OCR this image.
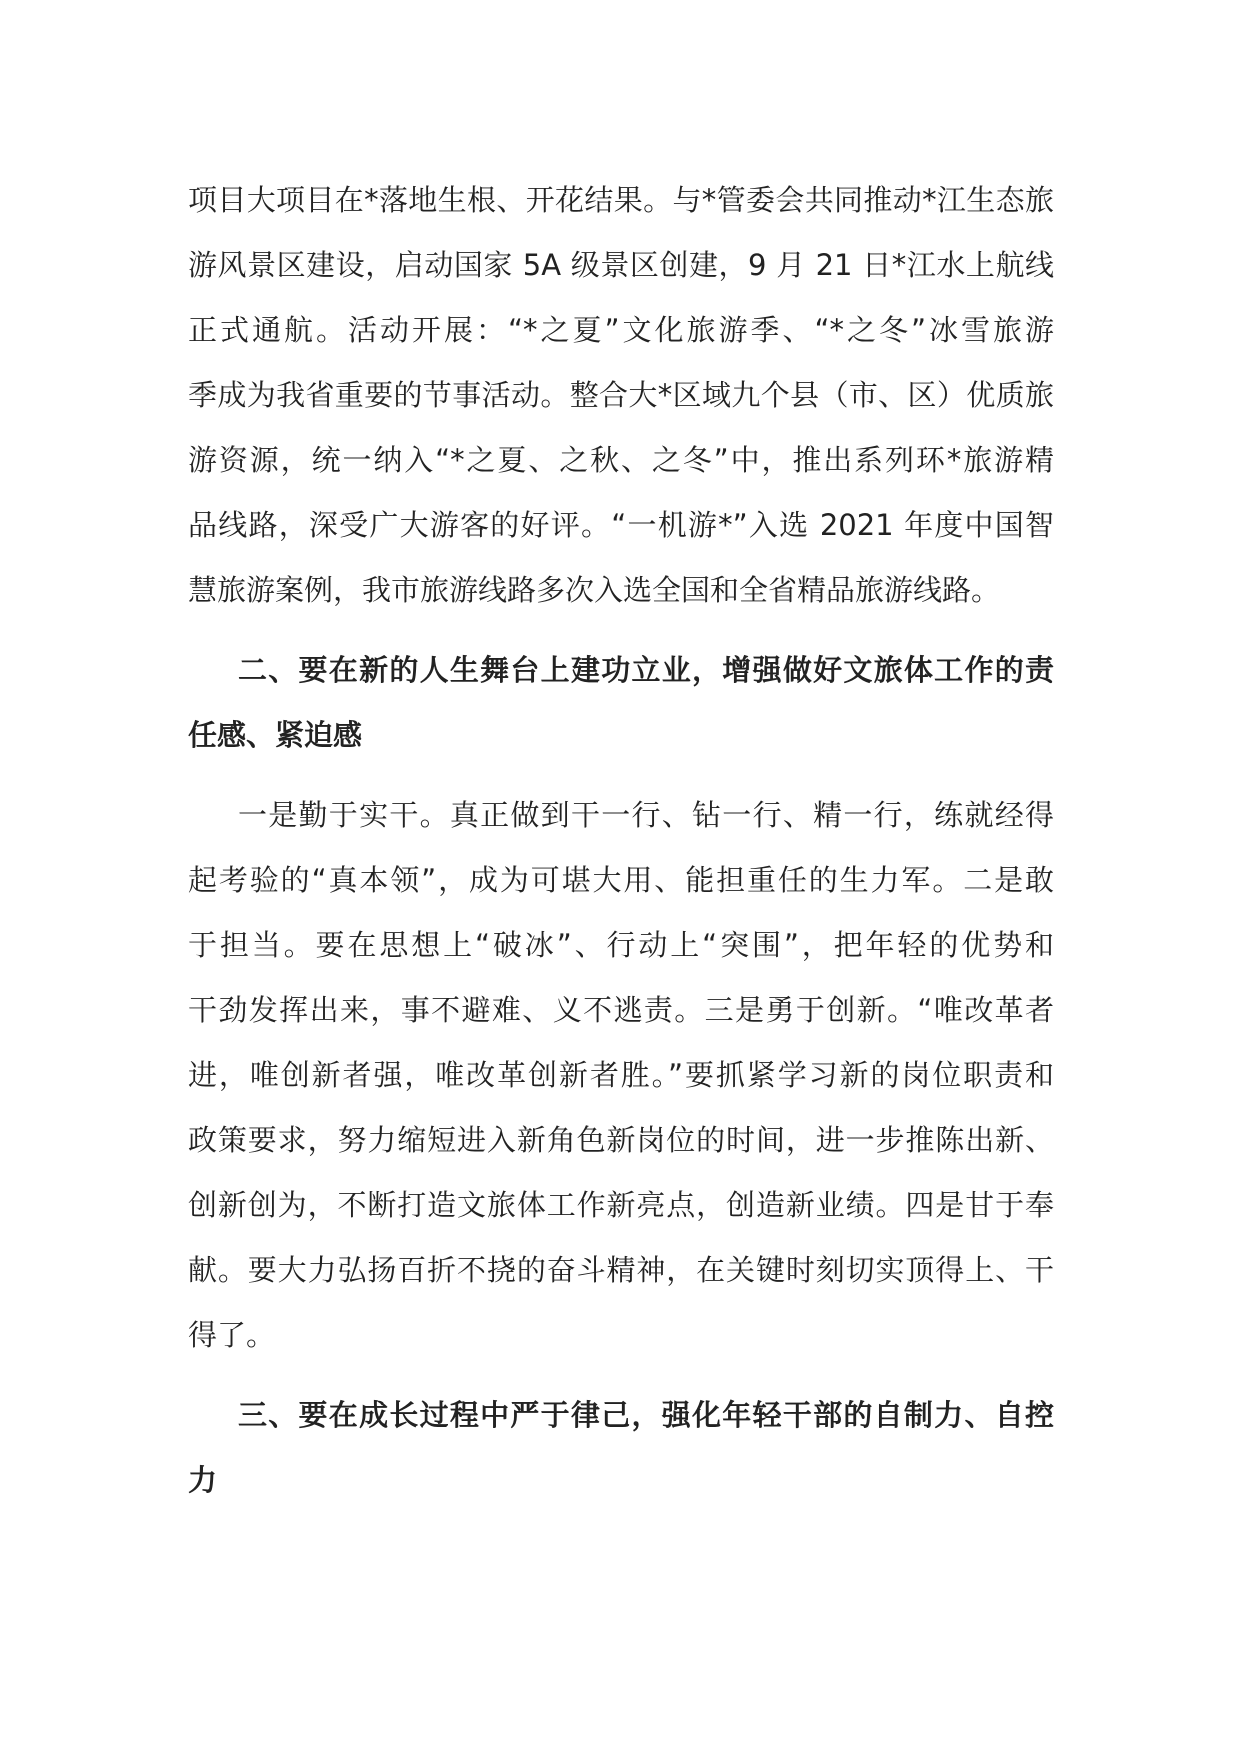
项目大项目在*落地生根、开花结果。与*管委会共同推动*江生态旅
游风景区建设，启动国家 5A 级景区创建，9 月 21 日*江水上航线
正式通航。活动开展：“*之夏”文化旅游季、“*之冬”冰雪旅游
季成为我省重要的节事活动。整合大*区域九个县（市、区）优质旅
游资源，统一纳入“*之夏、之秋、之冬”中，推出系列环*旅游精
品线路，深受广大游客的好评。“一机游*”入选 2021 年度中国智
慧旅游案例，我市旅游线路多次入选全国和全省精品旅游线路。
二、要在新的人生舞台上建功立业，增强做好文旅体工作的责
任感、紧迫感
一是勤于实干。真正做到干一行、钻一行、精一行，练就经得
起考验的“真本领”，成为可堪大用、能担重任的生力军。二是敢
于担当。要在思想上“破冰”、行动上“突围”，把年轻的优势和
干劲发挥出来，事不避难、义不逃责。三是勇于创新。“唯改革者
进，唯创新者强，唯改革创新者胜。”要抓紧学习新的岗位职责和
政策要求，努力缩短进入新角色新岗位的时间，进一步推陈出新、
创新创为，不断打造文旅体工作新亮点，创造新业绩。四是甘于奉
献。要大力弘扬百折不挠的奋斗精神，在关键时刻切实顶得上、干
得了。
三、要在成长过程中严于律己，强化年轻干部的自制力、自控
力
